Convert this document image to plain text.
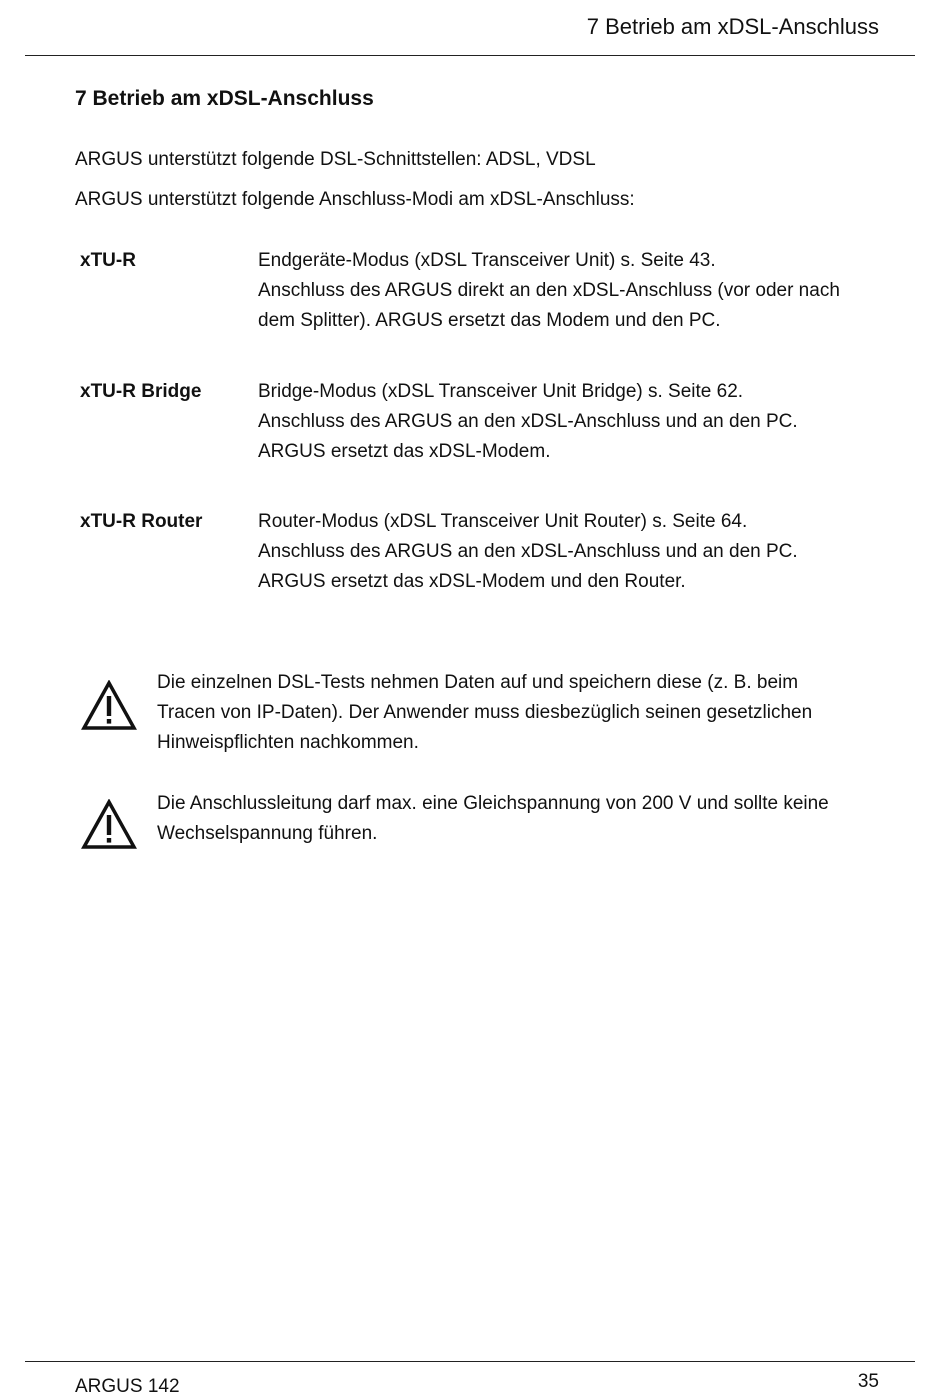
7 Betrieb am xDSL-Anschluss
7 Betrieb am xDSL-Anschluss
ARGUS unterstützt folgende DSL-Schnittstellen: ADSL, VDSL
ARGUS unterstützt folgende Anschluss-Modi am xDSL-Anschluss:
xTU-R	Endgeräte-Modus (xDSL Transceiver Unit) s. Seite 43.
Anschluss des ARGUS direkt an den xDSL-Anschluss (vor oder nach
dem Splitter). ARGUS ersetzt das Modem und den PC.
xTU-R Bridge	Bridge-Modus (xDSL Transceiver Unit Bridge) s. Seite 62.
Anschluss des ARGUS an den xDSL-Anschluss und an den PC.
ARGUS ersetzt das xDSL-Modem.
xTU-R Router	Router-Modus (xDSL Transceiver Unit Router) s. Seite 64.
Anschluss des ARGUS an den xDSL-Anschluss und an den PC.
ARGUS ersetzt das xDSL-Modem und den Router.
Die einzelnen DSL-Tests nehmen Daten auf und speichern diese (z. B. beim
Tracen von IP-Daten). Der Anwender muss diesbezüglich seinen gesetzlichen
Hinweispflichten nachkommen.
Die Anschlussleitung darf max. eine Gleichspannung von 200 V und sollte keine
Wechselspannung führen.
ARGUS 142	35
